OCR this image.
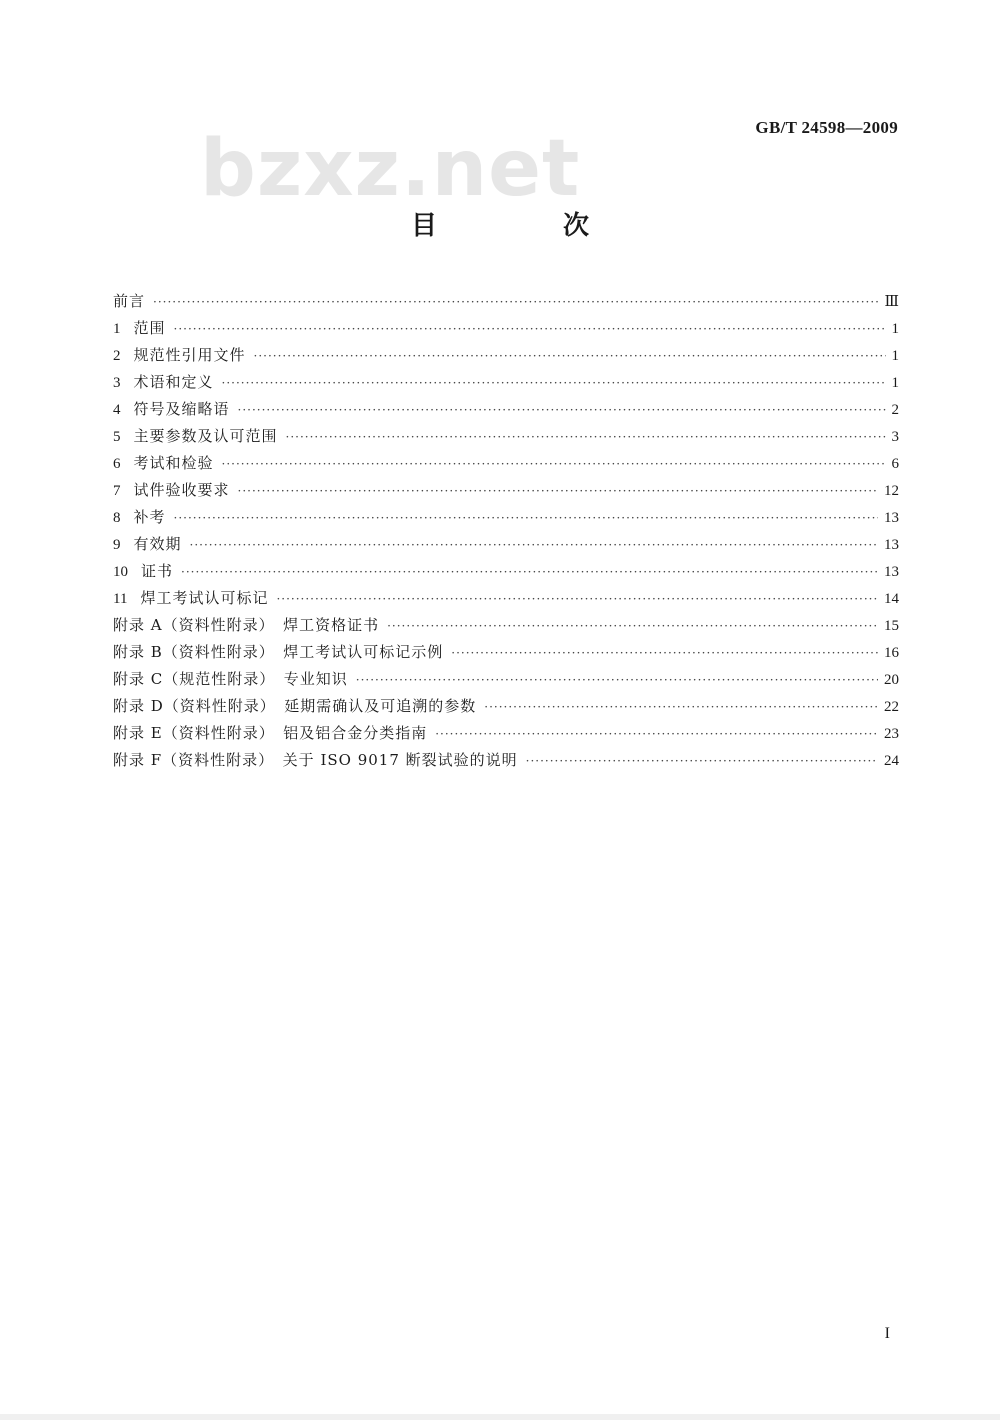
bzxz.net	GB/T 24598—2009
目　次
前言 ·····	Ⅲ
1 范围 ·····	1
2 规范性引用文件 ·····	1
3 术语和定义 ·····	1
4 符号及缩略语 ·····	2
5 主要参数及认可范围 ·····	3
6 考试和检验 ·····	6
7 试件验收要求 ·····	12
8 补考 ·····	13
9 有效期 ·····	13
10 证书 ·····	13
11 焊工考试认可标记 ·····	14
附录 A（资料性附录）　焊工资格证书 ·····	15
附录 B（资料性附录）　焊工考试认可标记示例 ·····	16
附录 C（规范性附录）　专业知识 ·····	20
附录 D（资料性附录）　延期需确认及可追溯的参数 ·····	22
附录 E（资料性附录）　铝及铝合金分类指南 ·····	23
附录 F（资料性附录）　关于 ISO 9017 断裂试验的说明 ·····	24
I
